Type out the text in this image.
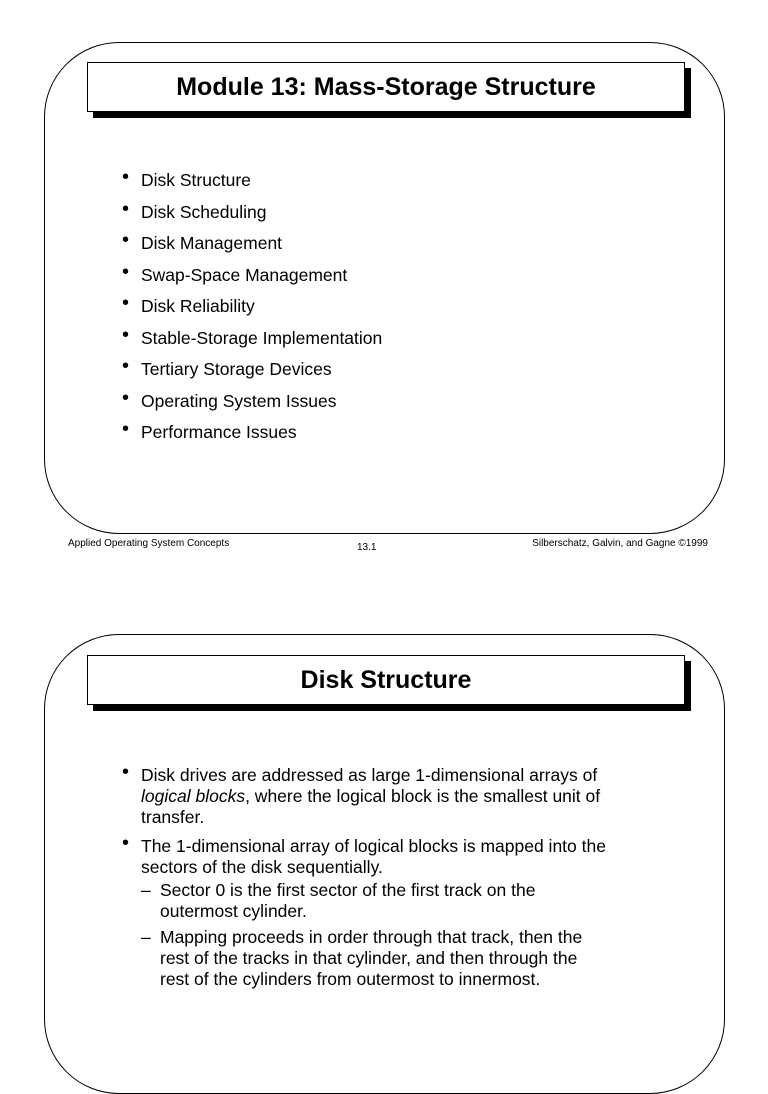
Module 13: Mass-Storage Structure
• Disk Structure
• Disk Scheduling
• Disk Management
• Swap-Space Management
• Disk Reliability
• Stable-Storage Implementation
• Tertiary Storage Devices
• Operating System Issues
• Performance Issues
Applied Operating System Concepts	13.1	Silberschatz, Galvin, and Gagne ©1999
Disk Structure
• Disk drives are addressed as large 1-dimensional arrays of logical blocks, where the logical block is the smallest unit of transfer.
• The 1-dimensional array of logical blocks is mapped into the sectors of the disk sequentially.
– Sector 0 is the first sector of the first track on the outermost cylinder.
– Mapping proceeds in order through that track, then the rest of the tracks in that cylinder, and then through the rest of the cylinders from outermost to innermost.
